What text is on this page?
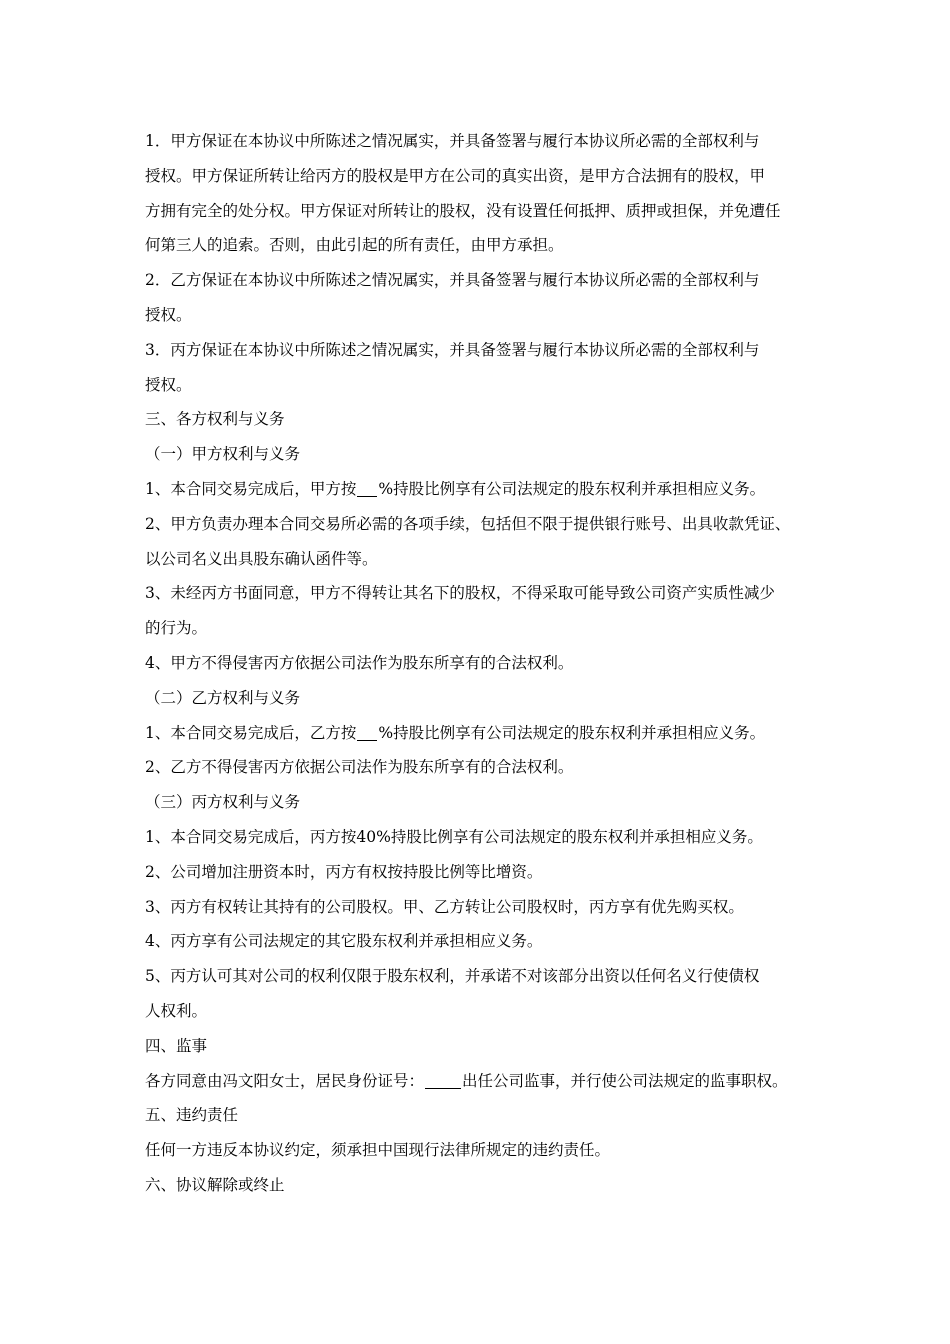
1．甲方保证在本协议中所陈述之情况属实，并具备签署与履行本协议所必需的全部权利与

授权。甲方保证所转让给丙方的股权是甲方在公司的真实出资，是甲方合法拥有的股权，甲

方拥有完全的处分权。甲方保证对所转让的股权，没有设置任何抵押、质押或担保，并免遭任

何第三人的追索。否则，由此引起的所有责任，由甲方承担。

2．乙方保证在本协议中所陈述之情况属实，并具备签署与履行本协议所必需的全部权利与

授权。

3．丙方保证在本协议中所陈述之情况属实，并具备签署与履行本协议所必需的全部权利与

授权。

三、各方权利与义务

（一）甲方权利与义务

1、本合同交易完成后，甲方按 %持股比例享有公司法规定的股东权利并承担相应义务。

2、甲方负责办理本合同交易所必需的各项手续，包括但不限于提供银行账号、出具收款凭证、

以公司名义出具股东确认函件等。

3、未经丙方书面同意，甲方不得转让其名下的股权，不得采取可能导致公司资产实质性减少

的行为。

4、甲方不得侵害丙方依据公司法作为股东所享有的合法权利。

（二）乙方权利与义务

1、本合同交易完成后，乙方按 %持股比例享有公司法规定的股东权利并承担相应义务。

2、乙方不得侵害丙方依据公司法作为股东所享有的合法权利。

（三）丙方权利与义务

1、本合同交易完成后，丙方按40%持股比例享有公司法规定的股东权利并承担相应义务。

2、公司增加注册资本时，丙方有权按持股比例等比增资。

3、丙方有权转让其持有的公司股权。甲、乙方转让公司股权时，丙方享有优先购买权。

4、丙方享有公司法规定的其它股东权利并承担相应义务。

5、丙方认可其对公司的权利仅限于股东权利，并承诺不对该部分出资以任何名义行使债权

人权利。

四、监事

各方同意由冯文阳女士，居民身份证号： 出任公司监事，并行使公司法规定的监事职权。

五、违约责任

任何一方违反本协议约定，须承担中国现行法律所规定的违约责任。

六、协议解除或终止
